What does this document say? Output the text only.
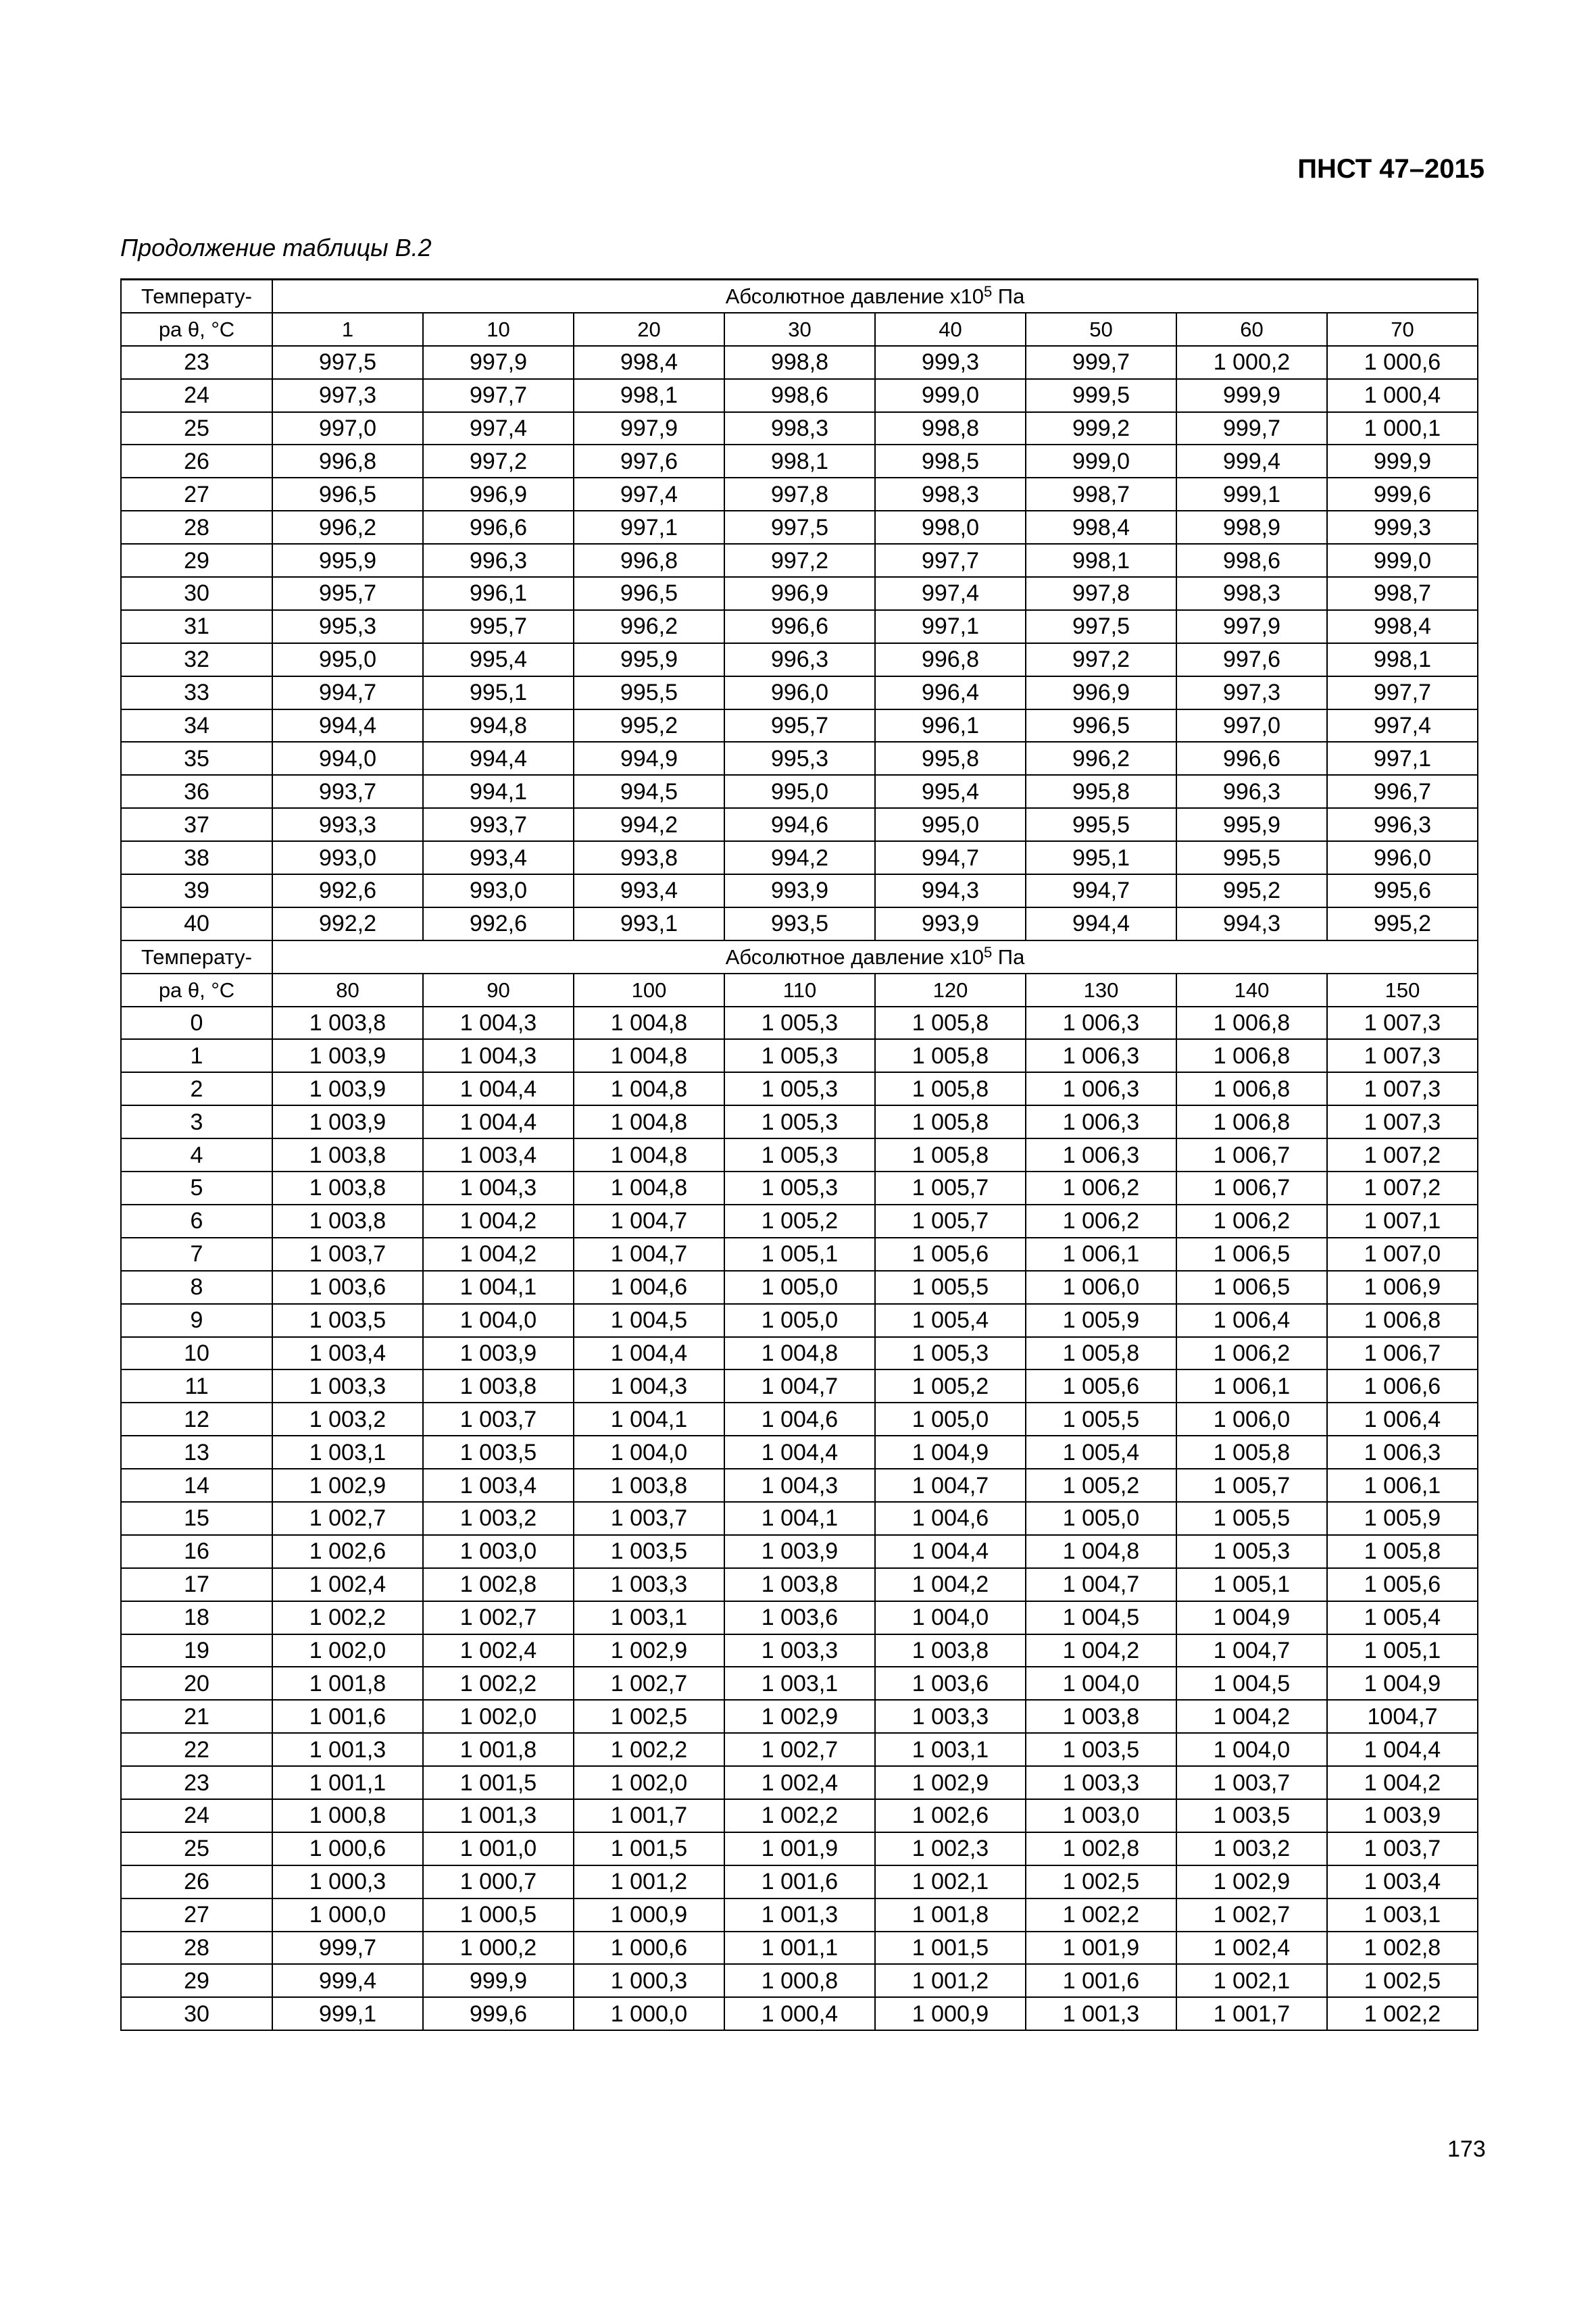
ПНСТ 47–2015
Продолжение таблицы В.2
Температу-	Абсолютное давление $х10^5$ Па							
ра θ, °С	1	10	20	30	40	50	60	70
23	997,5	997,9	998,4	998,8	999,3	999,7	1 000,2	1 000,6
24	997,3	997,7	998,1	998,6	999,0	999,5	999,9	1 000,4
25	997,0	997,4	997,9	998,3	998,8	999,2	999,7	1 000,1
26	996,8	997,2	997,6	998,1	998,5	999,0	999,4	999,9
27	996,5	996,9	997,4	997,8	998,3	998,7	999,1	999,6
28	996,2	996,6	997,1	997,5	998,0	998,4	998,9	999,3
29	995,9	996,3	996,8	997,2	997,7	998,1	998,6	999,0
30	995,7	996,1	996,5	996,9	997,4	997,8	998,3	998,7
31	995,3	995,7	996,2	996,6	997,1	997,5	997,9	998,4
32	995,0	995,4	995,9	996,3	996,8	997,2	997,6	998,1
33	994,7	995,1	995,5	996,0	996,4	996,9	997,3	997,7
34	994,4	994,8	995,2	995,7	996,1	996,5	997,0	997,4
35	994,0	994,4	994,9	995,3	995,8	996,2	996,6	997,1
36	993,7	994,1	994,5	995,0	995,4	995,8	996,3	996,7
37	993,3	993,7	994,2	994,6	995,0	995,5	995,9	996,3
38	993,0	993,4	993,8	994,2	994,7	995,1	995,5	996,0
39	992,6	993,0	993,4	993,9	994,3	994,7	995,2	995,6
40	992,2	992,6	993,1	993,5	993,9	994,4	994,3	995,2
Температу-	Абсолютное давление $х10^5$ Па							
ра θ, °С	80	90	100	110	120	130	140	150
0	1 003,8	1 004,3	1 004,8	1 005,3	1 005,8	1 006,3	1 006,8	1 007,3
1	1 003,9	1 004,3	1 004,8	1 005,3	1 005,8	1 006,3	1 006,8	1 007,3
2	1 003,9	1 004,4	1 004,8	1 005,3	1 005,8	1 006,3	1 006,8	1 007,3
3	1 003,9	1 004,4	1 004,8	1 005,3	1 005,8	1 006,3	1 006,8	1 007,3
4	1 003,8	1 003,4	1 004,8	1 005,3	1 005,8	1 006,3	1 006,7	1 007,2
5	1 003,8	1 004,3	1 004,8	1 005,3	1 005,7	1 006,2	1 006,7	1 007,2
6	1 003,8	1 004,2	1 004,7	1 005,2	1 005,7	1 006,2	1 006,2	1 007,1
7	1 003,7	1 004,2	1 004,7	1 005,1	1 005,6	1 006,1	1 006,5	1 007,0
8	1 003,6	1 004,1	1 004,6	1 005,0	1 005,5	1 006,0	1 006,5	1 006,9
9	1 003,5	1 004,0	1 004,5	1 005,0	1 005,4	1 005,9	1 006,4	1 006,8
10	1 003,4	1 003,9	1 004,4	1 004,8	1 005,3	1 005,8	1 006,2	1 006,7
11	1 003,3	1 003,8	1 004,3	1 004,7	1 005,2	1 005,6	1 006,1	1 006,6
12	1 003,2	1 003,7	1 004,1	1 004,6	1 005,0	1 005,5	1 006,0	1 006,4
13	1 003,1	1 003,5	1 004,0	1 004,4	1 004,9	1 005,4	1 005,8	1 006,3
14	1 002,9	1 003,4	1 003,8	1 004,3	1 004,7	1 005,2	1 005,7	1 006,1
15	1 002,7	1 003,2	1 003,7	1 004,1	1 004,6	1 005,0	1 005,5	1 005,9
16	1 002,6	1 003,0	1 003,5	1 003,9	1 004,4	1 004,8	1 005,3	1 005,8
17	1 002,4	1 002,8	1 003,3	1 003,8	1 004,2	1 004,7	1 005,1	1 005,6
18	1 002,2	1 002,7	1 003,1	1 003,6	1 004,0	1 004,5	1 004,9	1 005,4
19	1 002,0	1 002,4	1 002,9	1 003,3	1 003,8	1 004,2	1 004,7	1 005,1
20	1 001,8	1 002,2	1 002,7	1 003,1	1 003,6	1 004,0	1 004,5	1 004,9
21	1 001,6	1 002,0	1 002,5	1 002,9	1 003,3	1 003,8	1 004,2	1004,7
22	1 001,3	1 001,8	1 002,2	1 002,7	1 003,1	1 003,5	1 004,0	1 004,4
23	1 001,1	1 001,5	1 002,0	1 002,4	1 002,9	1 003,3	1 003,7	1 004,2
24	1 000,8	1 001,3	1 001,7	1 002,2	1 002,6	1 003,0	1 003,5	1 003,9
25	1 000,6	1 001,0	1 001,5	1 001,9	1 002,3	1 002,8	1 003,2	1 003,7
26	1 000,3	1 000,7	1 001,2	1 001,6	1 002,1	1 002,5	1 002,9	1 003,4
27	1 000,0	1 000,5	1 000,9	1 001,3	1 001,8	1 002,2	1 002,7	1 003,1
28	999,7	1 000,2	1 000,6	1 001,1	1 001,5	1 001,9	1 002,4	1 002,8
29	999,4	999,9	1 000,3	1 000,8	1 001,2	1 001,6	1 002,1	1 002,5
30	999,1	999,6	1 000,0	1 000,4	1 000,9	1 001,3	1 001,7	1 002,2
173
